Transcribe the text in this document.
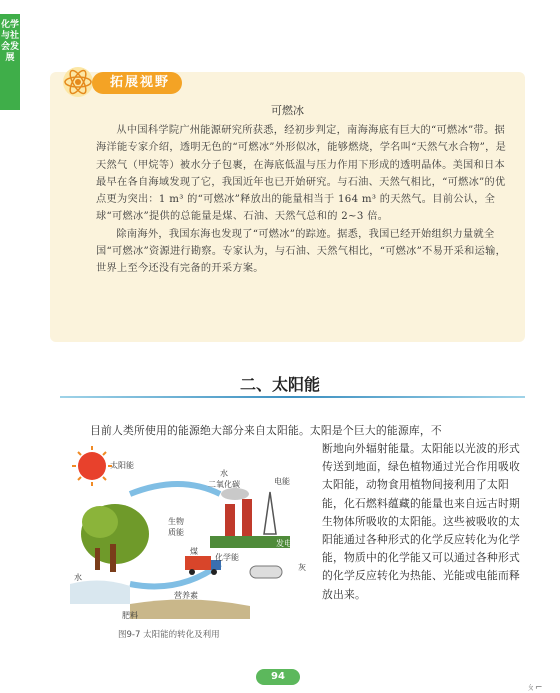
化学与社会发展
拓展视野
可燃冰

从中国科学院广州能源研究所获悉，经初步判定，南海海底有巨大的“可燃冰”带。据海洋能专家介绍，透明无色的“可燃冰”外形似冰，能够燃烧，学名叫“天然气水合物”，是天然气（甲烷等）被水分子包裹，在海底低温与压力作用下形成的透明晶体。美国和日本最早在各自海域发现了它，我国近年也已开始研究。与石油、天然气相比，“可燃冰”的优点更为突出：1 m³ 的“可燃冰”释放出的能量相当于 164 m³ 的天然气。目前公认，全球“可燃冰”提供的总能量是煤、石油、天然气总和的 2~3 倍。

除南海外，我国东海也发现了“可燃冰”的踪迹。据悉，我国已经开始组织力量就全国“可燃冰”资源进行勘察。专家认为，与石油、天然气相比，“可燃冰”不易开采和运输，世界上至今还没有完备的开采方案。

二、太阳能
目前人类所使用的能源绝大部分来自太阳能。太阳是个巨大的能源库，不
断地向外辐射能量。太阳能以光波的形式传送到地面，绿色植物通过光合作用吸收太阳能，动物食用植物间接利用了太阳能，化石燃料蕴藏的能量也来自远古时期生物体所吸收的太阳能。这些被吸收的太阳能通过各种形式的化学反应转化为化学能，物质中的化学能又可以通过各种形式的化学反应转化为热能、光能或电能而释放出来。
太阳能
水
二氧化碳	电能
生物
质能
发电厂
煤
化学能
灰
水
营养素
肥料
图9-7 太阳能的转化及利用
94
ㄆ⌐
